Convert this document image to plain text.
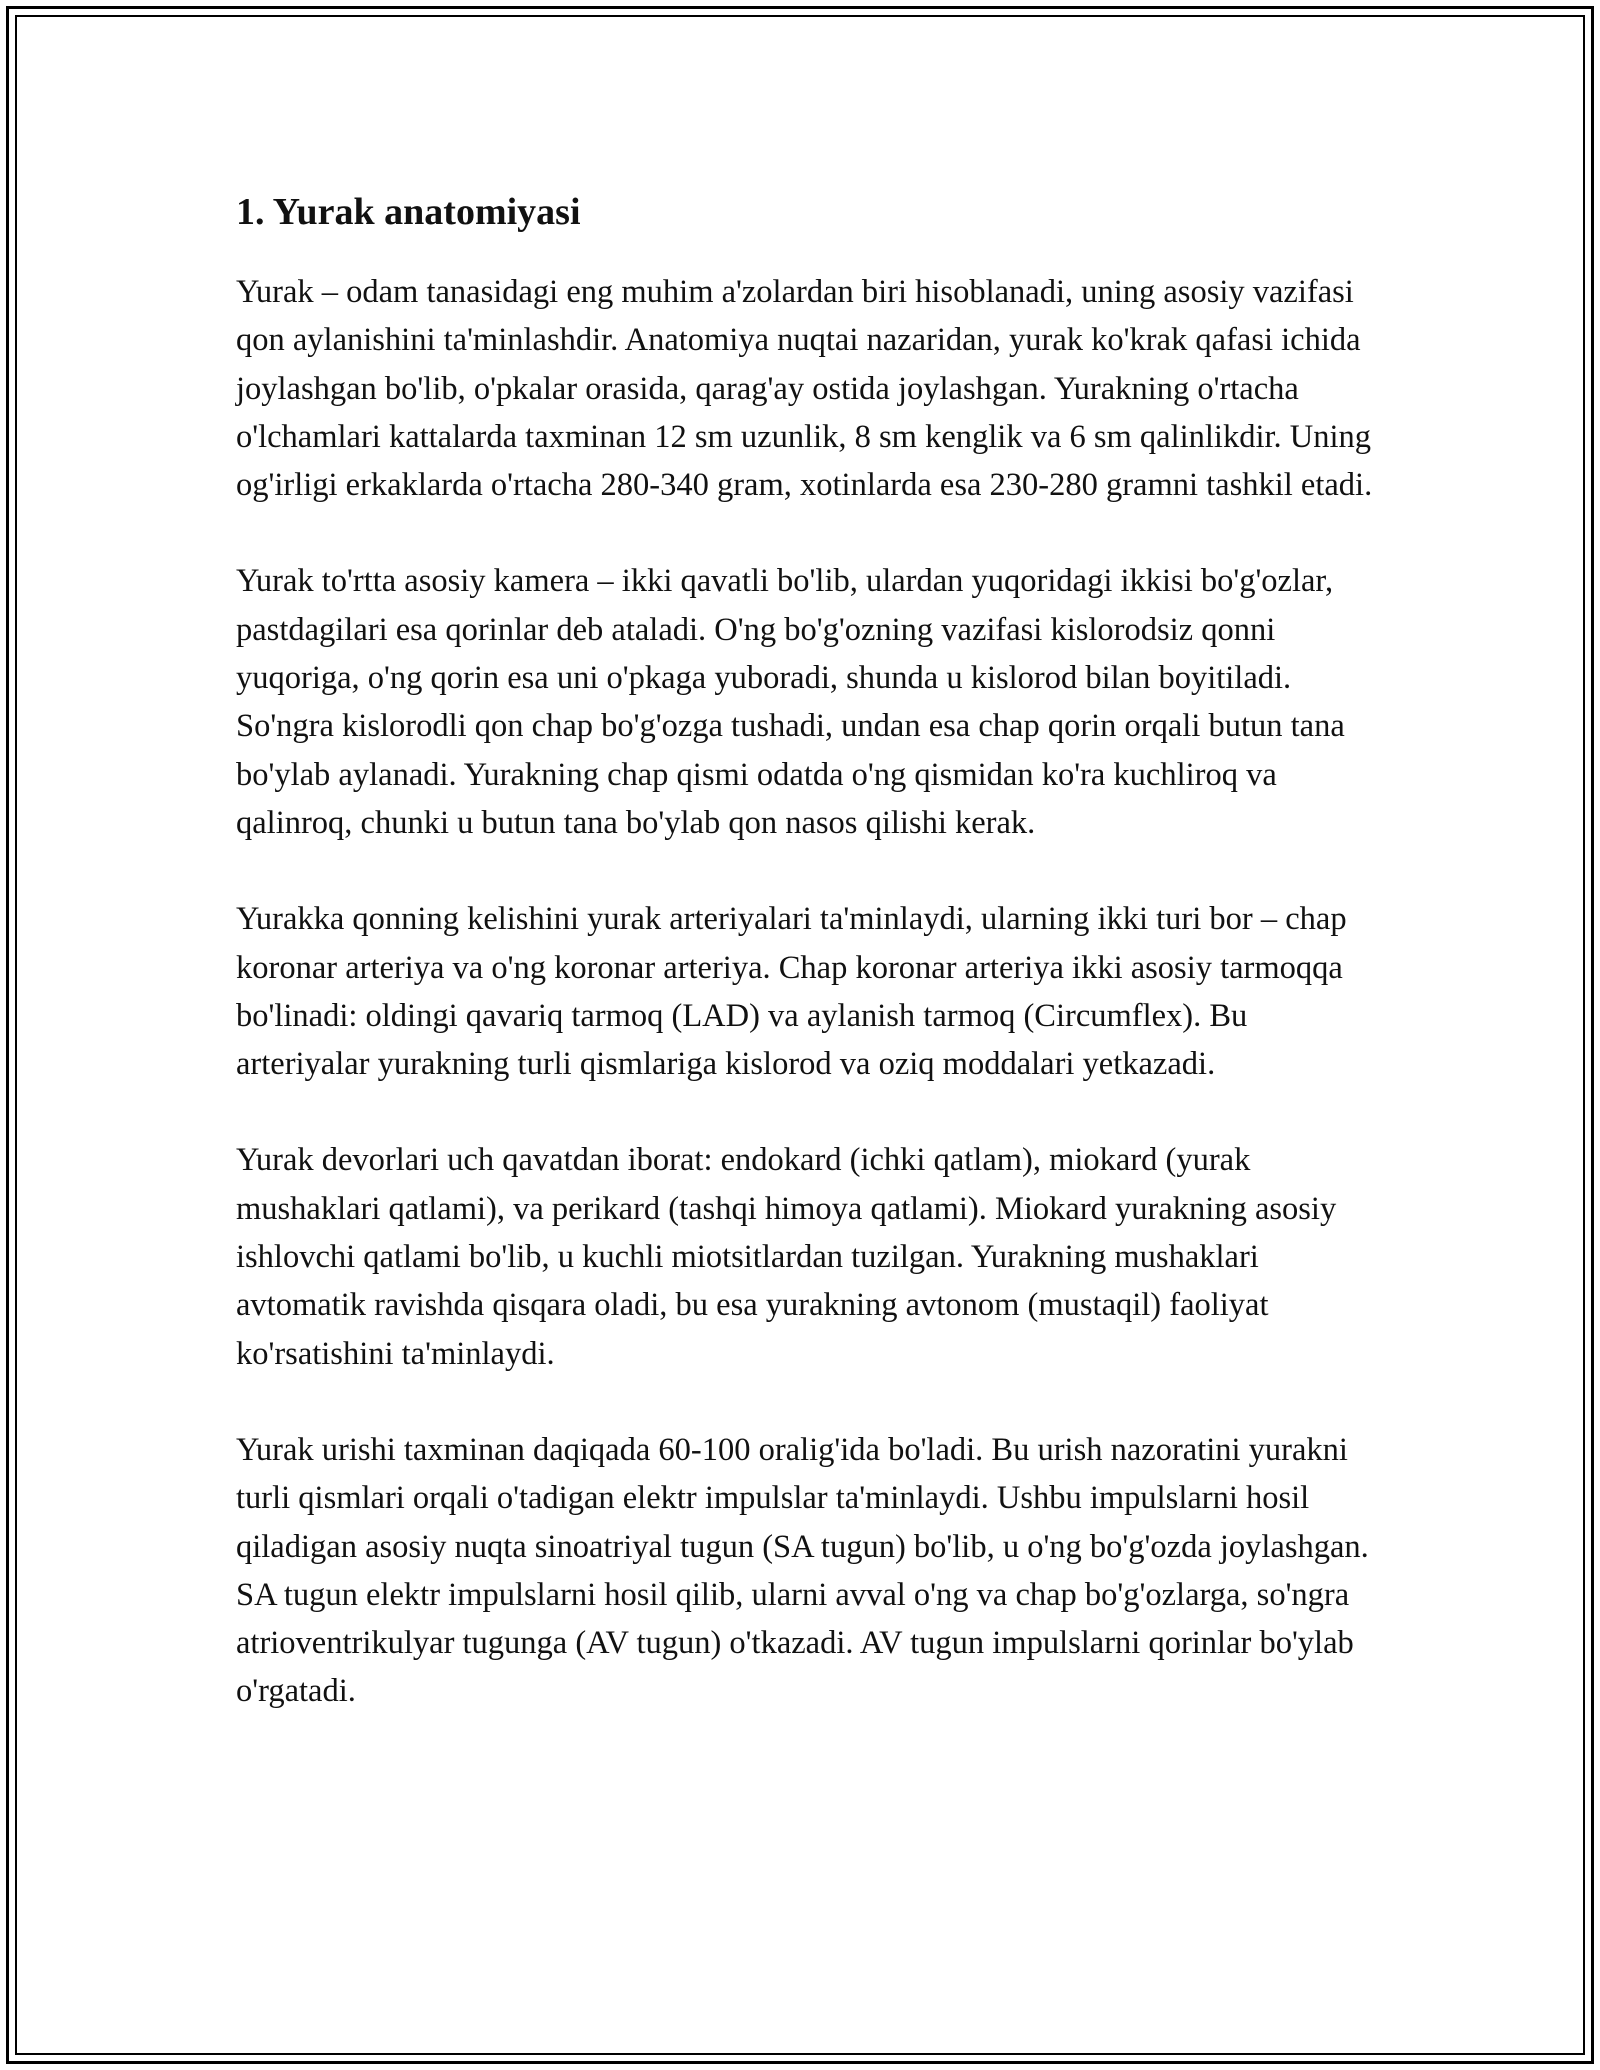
1. Yurak anatomiyasi

Yurak – odam tanasidagi eng muhim a'zolardan biri hisoblanadi, uning asosiy vazifasi qon aylanishini ta'minlashdir. Anatomiya nuqtai nazaridan, yurak ko'krak qafasi ichida joylashgan bo'lib, o'pkalar orasida, qarag'ay ostida joylashgan. Yurakning o'rtacha o'lchamlari kattalarda taxminan 12 sm uzunlik, 8 sm kenglik va 6 sm qalinlikdir. Uning og'irligi erkaklarda o'rtacha 280-340 gram, xotinlarda esa 230-280 gramni tashkil etadi.

Yurak to'rtta asosiy kamera – ikki qavatli bo'lib, ulardan yuqoridagi ikkisi bo'g'ozlar, pastdagilari esa qorinlar deb ataladi. O'ng bo'g'ozning vazifasi kislorodsiz qonni yuqoriga, o'ng qorin esa uni o'pkaga yuboradi, shunda u kislorod bilan boyitiladi. So'ngra kislorodli qon chap bo'g'ozga tushadi, undan esa chap qorin orqali butun tana bo'ylab aylanadi. Yurakning chap qismi odatda o'ng qismidan ko'ra kuchliroq va qalinroq, chunki u butun tana bo'ylab qon nasos qilishi kerak.

Yurakka qonning kelishini yurak arteriyalari ta'minlaydi, ularning ikki turi bor – chap koronar arteriya va o'ng koronar arteriya. Chap koronar arteriya ikki asosiy tarmoqqa bo'linadi: oldingi qavariq tarmoq (LAD) va aylanish tarmoq (Circumflex). Bu arteriyalar yurakning turli qismlariga kislorod va oziq moddalari yetkazadi.

Yurak devorlari uch qavatdan iborat: endokard (ichki qatlam), miokard (yurak mushaklari qatlami), va perikard (tashqi himoya qatlami). Miokard yurakning asosiy ishlovchi qatlami bo'lib, u kuchli miotsitlardan tuzilgan. Yurakning mushaklari avtomatik ravishda qisqara oladi, bu esa yurakning avtonom (mustaqil) faoliyat ko'rsatishini ta'minlaydi.

Yurak urishi taxminan daqiqada 60-100 oralig'ida bo'ladi. Bu urish nazoratini yurakni turli qismlari orqali o'tadigan elektr impulslar ta'minlaydi. Ushbu impulslarni hosil qiladigan asosiy nuqta sinoatriyal tugun (SA tugun) bo'lib, u o'ng bo'g'ozda joylashgan. SA tugun elektr impulslarni hosil qilib, ularni avval o'ng va chap bo'g'ozlarga, so'ngra atrioventrikulyar tugunga (AV tugun) o'tkazadi. AV tugun impulslarni qorinlar bo'ylab o'rgatadi.
